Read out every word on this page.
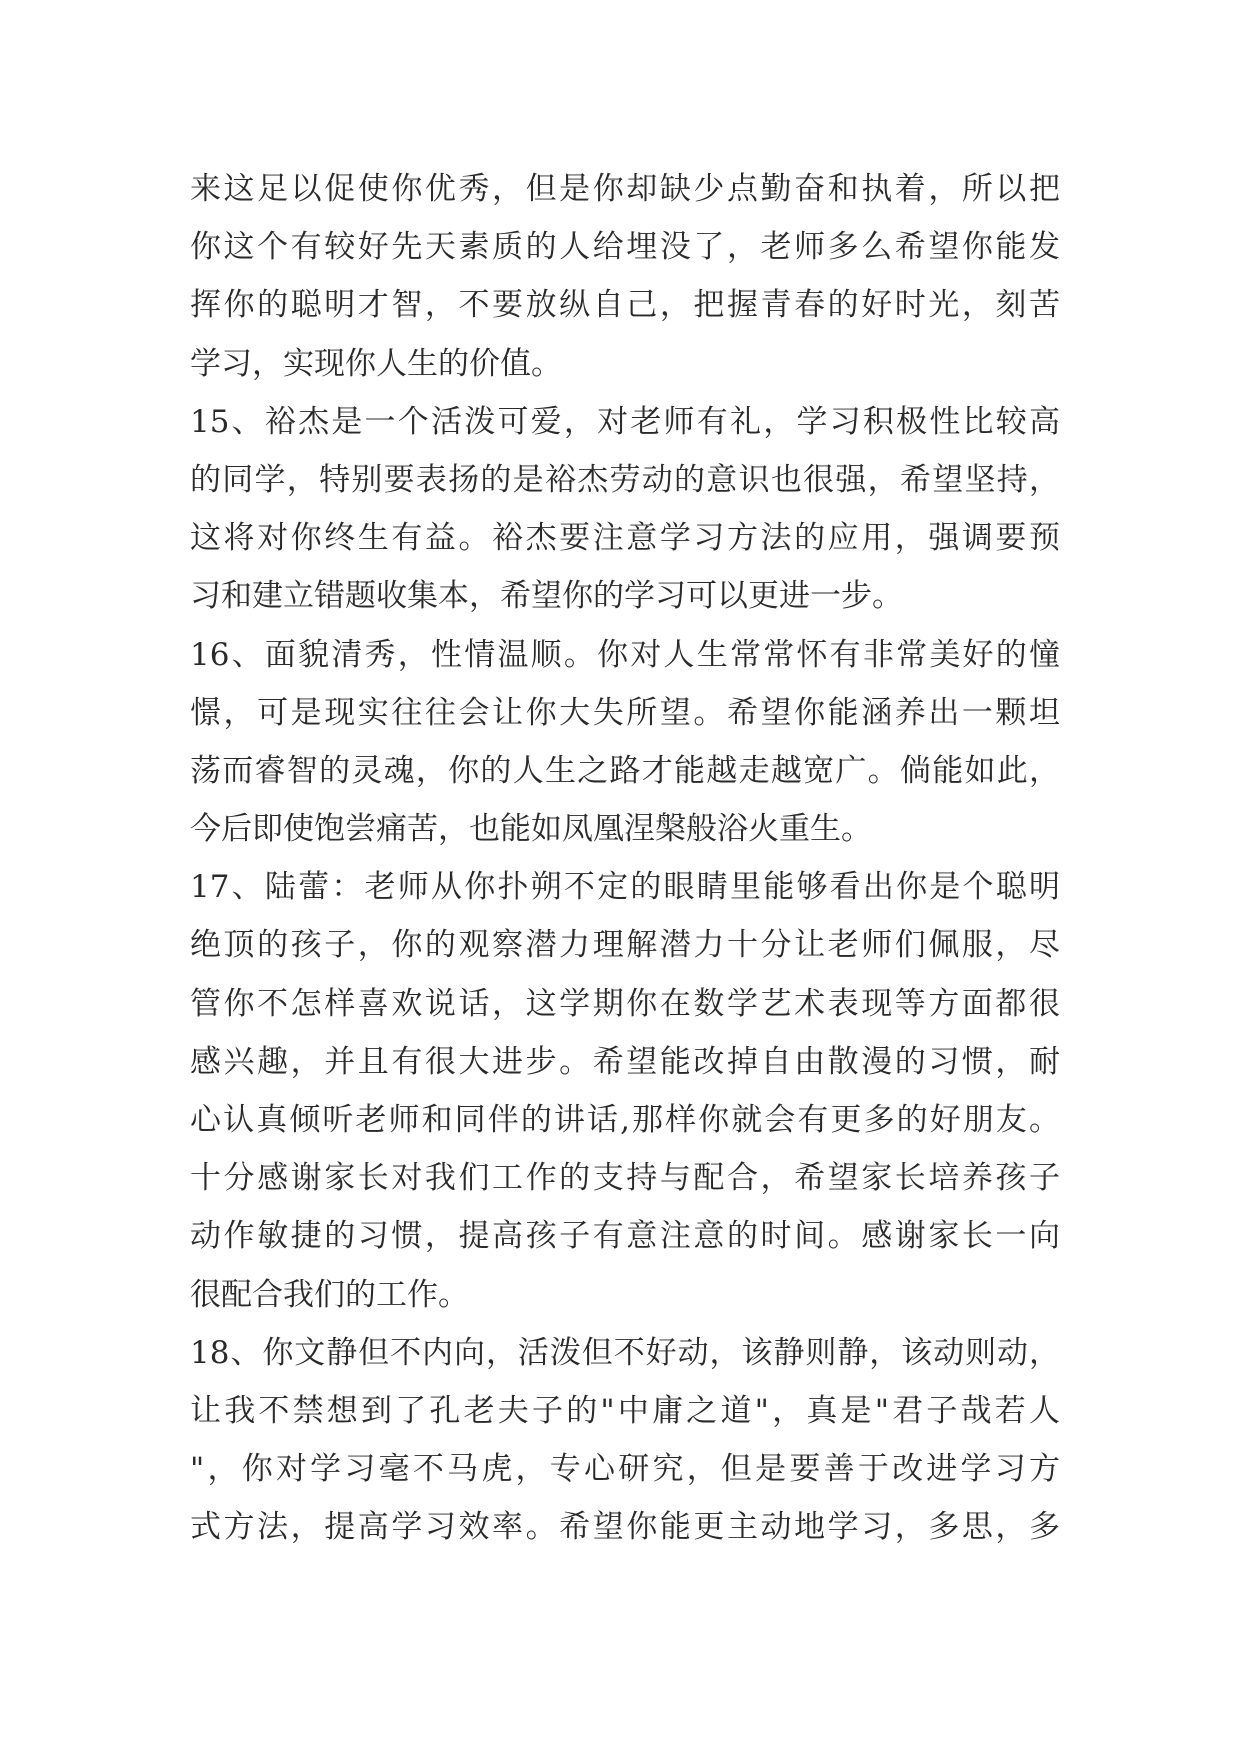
来这足以促使你优秀，但是你却缺少点勤奋和执着，所以把
你这个有较好先天素质的人给埋没了，老师多么希望你能发
挥你的聪明才智，不要放纵自己，把握青春的好时光，刻苦
学习，实现你人生的价值。
15、裕杰是一个活泼可爱，对老师有礼，学习积极性比较高
的同学，特别要表扬的是裕杰劳动的意识也很强，希望坚持，
这将对你终生有益。裕杰要注意学习方法的应用，强调要预
习和建立错题收集本，希望你的学习可以更进一步。
16、面貌清秀，性情温顺。你对人生常常怀有非常美好的憧
憬，可是现实往往会让你大失所望。希望你能涵养出一颗坦
荡而睿智的灵魂，你的人生之路才能越走越宽广。倘能如此，
今后即使饱尝痛苦，也能如凤凰涅槃般浴火重生。
17、陆蕾：老师从你扑朔不定的眼睛里能够看出你是个聪明
绝顶的孩子，你的观察潜力理解潜力十分让老师们佩服，尽
管你不怎样喜欢说话，这学期你在数学艺术表现等方面都很
感兴趣，并且有很大进步。希望能改掉自由散漫的习惯，耐
心认真倾听老师和同伴的讲话,那样你就会有更多的好朋友。
十分感谢家长对我们工作的支持与配合，希望家长培养孩子
动作敏捷的习惯，提高孩子有意注意的时间。感谢家长一向
很配合我们的工作。
18、你文静但不内向，活泼但不好动，该静则静，该动则动，
让我不禁想到了孔老夫子的"中庸之道"，真是"君子哉若人
"，你对学习毫不马虎，专心研究，但是要善于改进学习方
式方法，提高学习效率。希望你能更主动地学习，多思，多
